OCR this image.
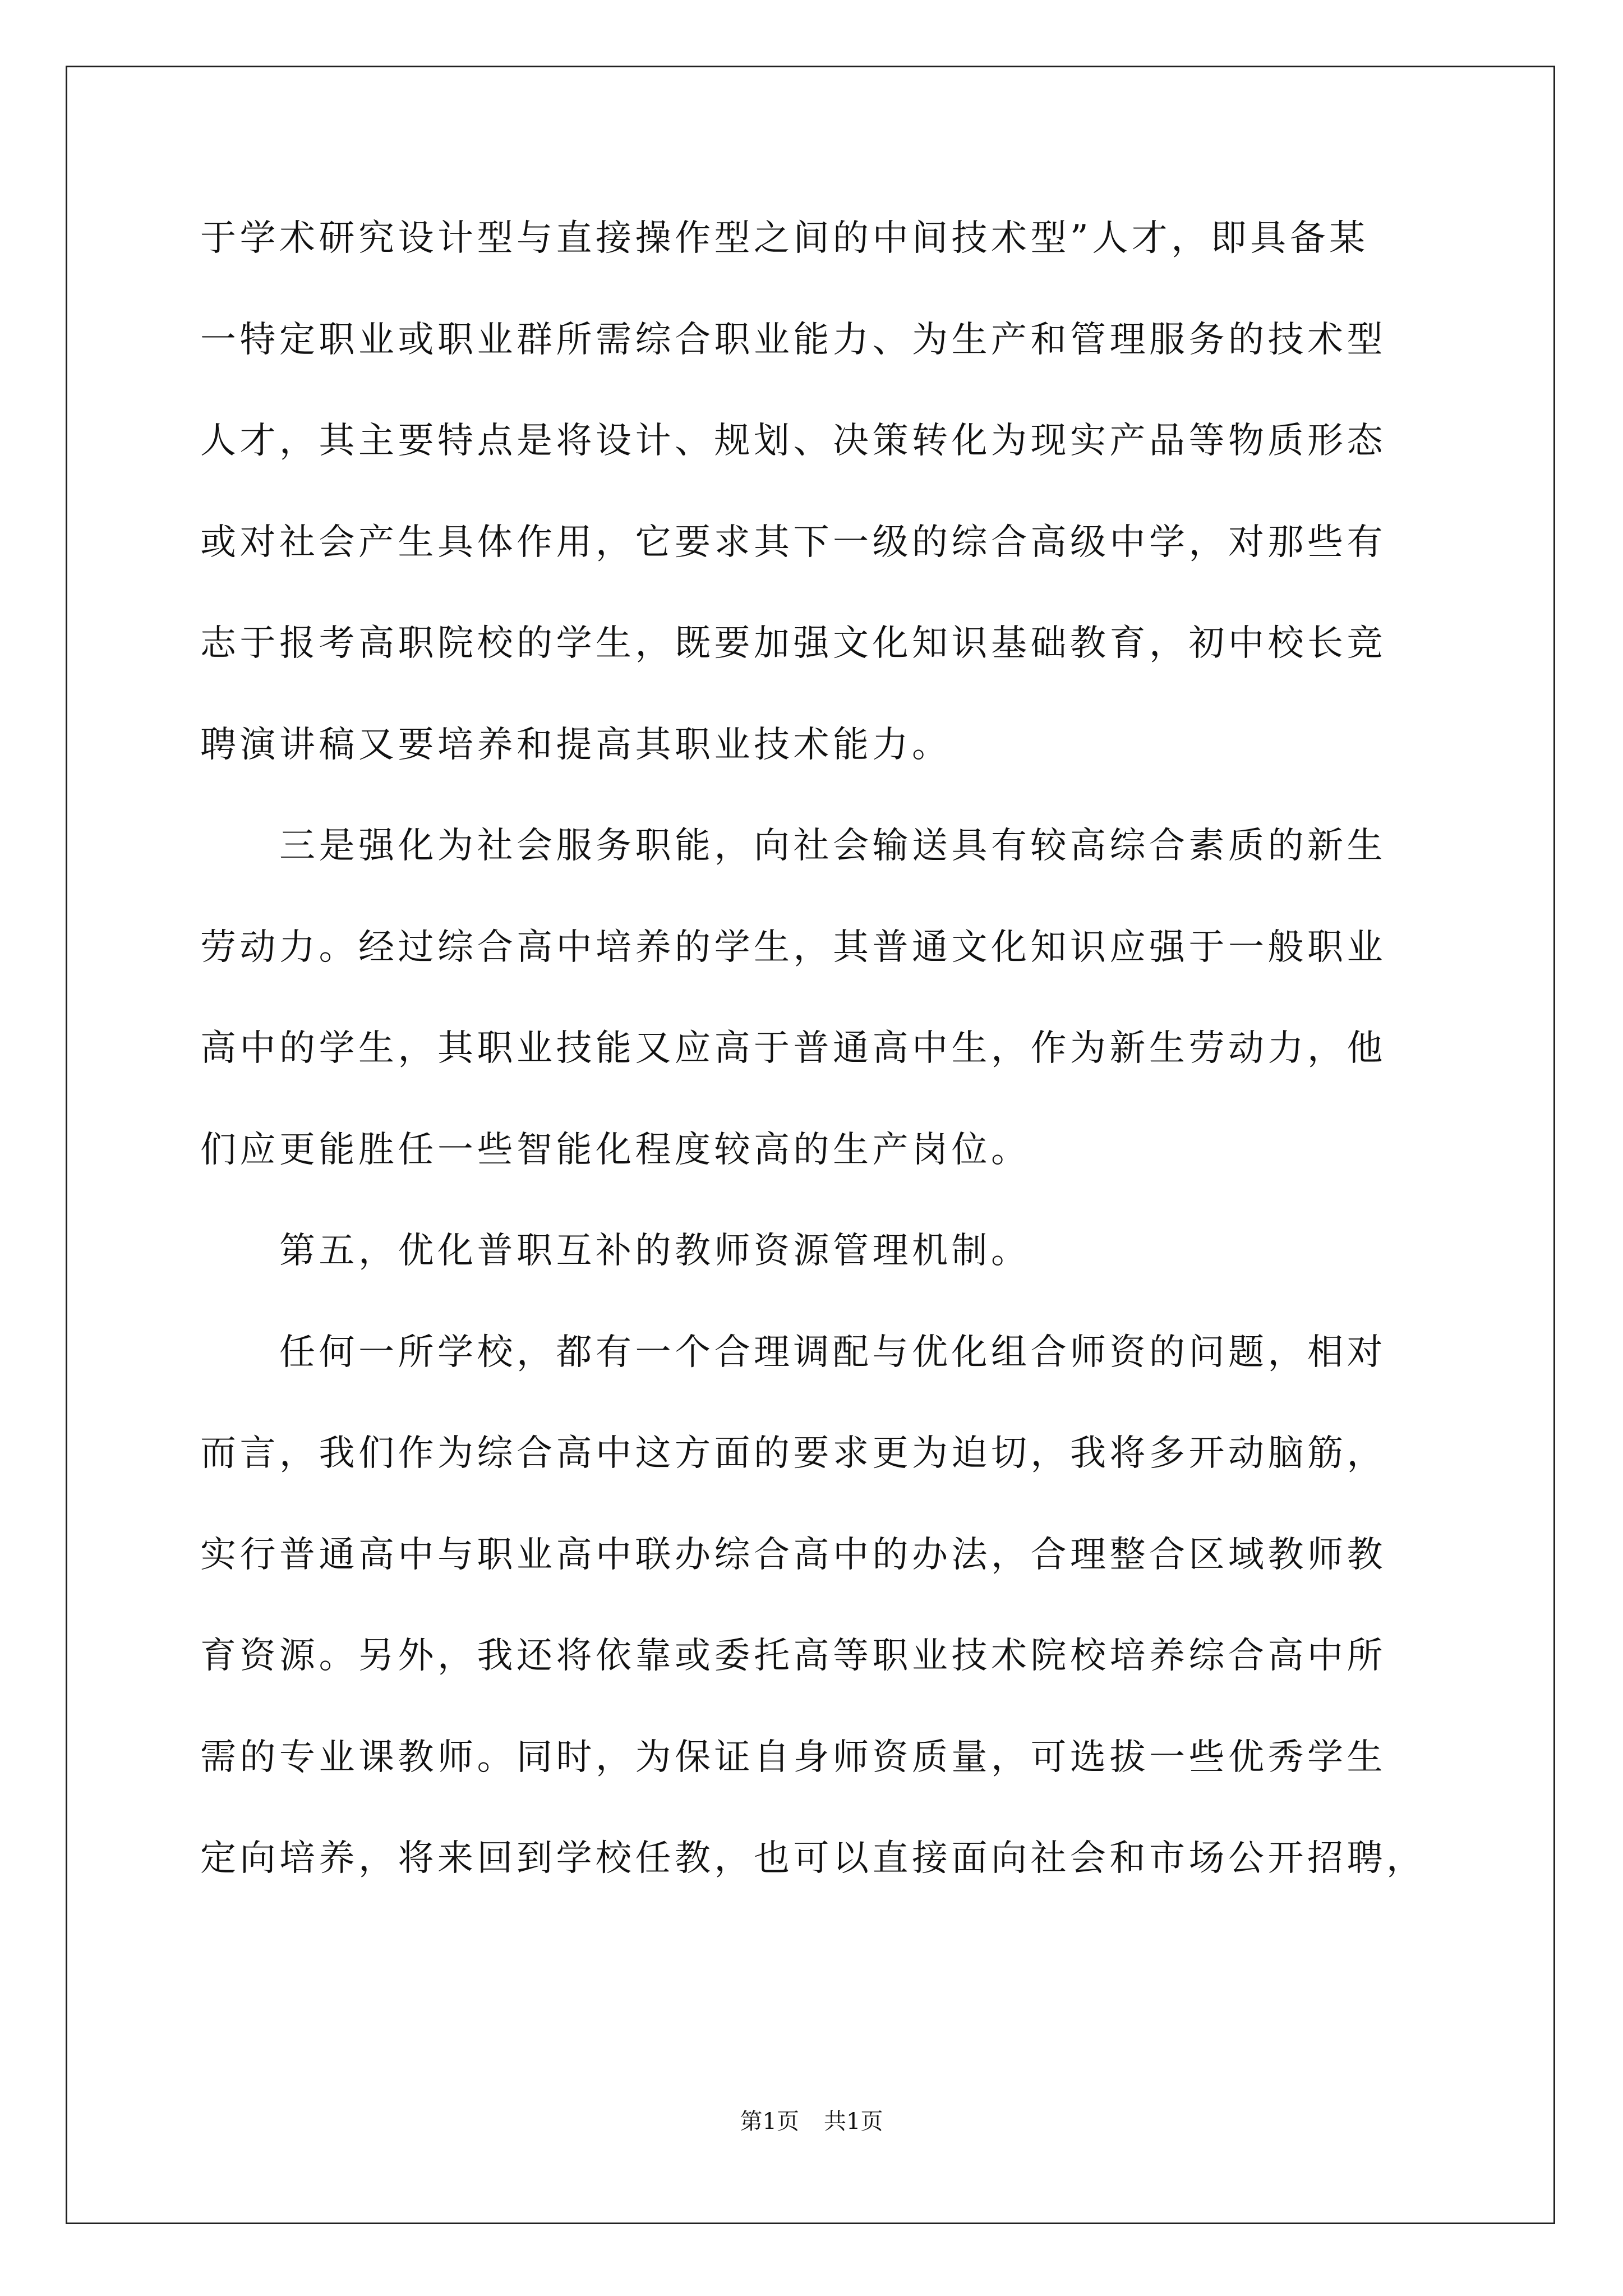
于学术研究设计型与直接操作型之间的中间技术型”人才，即具备某
一特定职业或职业群所需综合职业能力、为生产和管理服务的技术型
人才，其主要特点是将设计、规划、决策转化为现实产品等物质形态
或对社会产生具体作用，它要求其下一级的综合高级中学，对那些有
志于报考高职院校的学生，既要加强文化知识基础教育，初中校长竞
聘演讲稿又要培养和提高其职业技术能力。
　　三是强化为社会服务职能，向社会输送具有较高综合素质的新生
劳动力。经过综合高中培养的学生，其普通文化知识应强于一般职业
高中的学生，其职业技能又应高于普通高中生，作为新生劳动力，他
们应更能胜任一些智能化程度较高的生产岗位。
　　第五，优化普职互补的教师资源管理机制。
　　任何一所学校，都有一个合理调配与优化组合师资的问题，相对
而言，我们作为综合高中这方面的要求更为迫切，我将多开动脑筋，
实行普通高中与职业高中联办综合高中的办法，合理整合区域教师教
育资源。另外，我还将依靠或委托高等职业技术院校培养综合高中所
需的专业课教师。同时，为保证自身师资质量，可选拔一些优秀学生
定向培养，将来回到学校任教，也可以直接面向社会和市场公开招聘，
第1页 共1页
